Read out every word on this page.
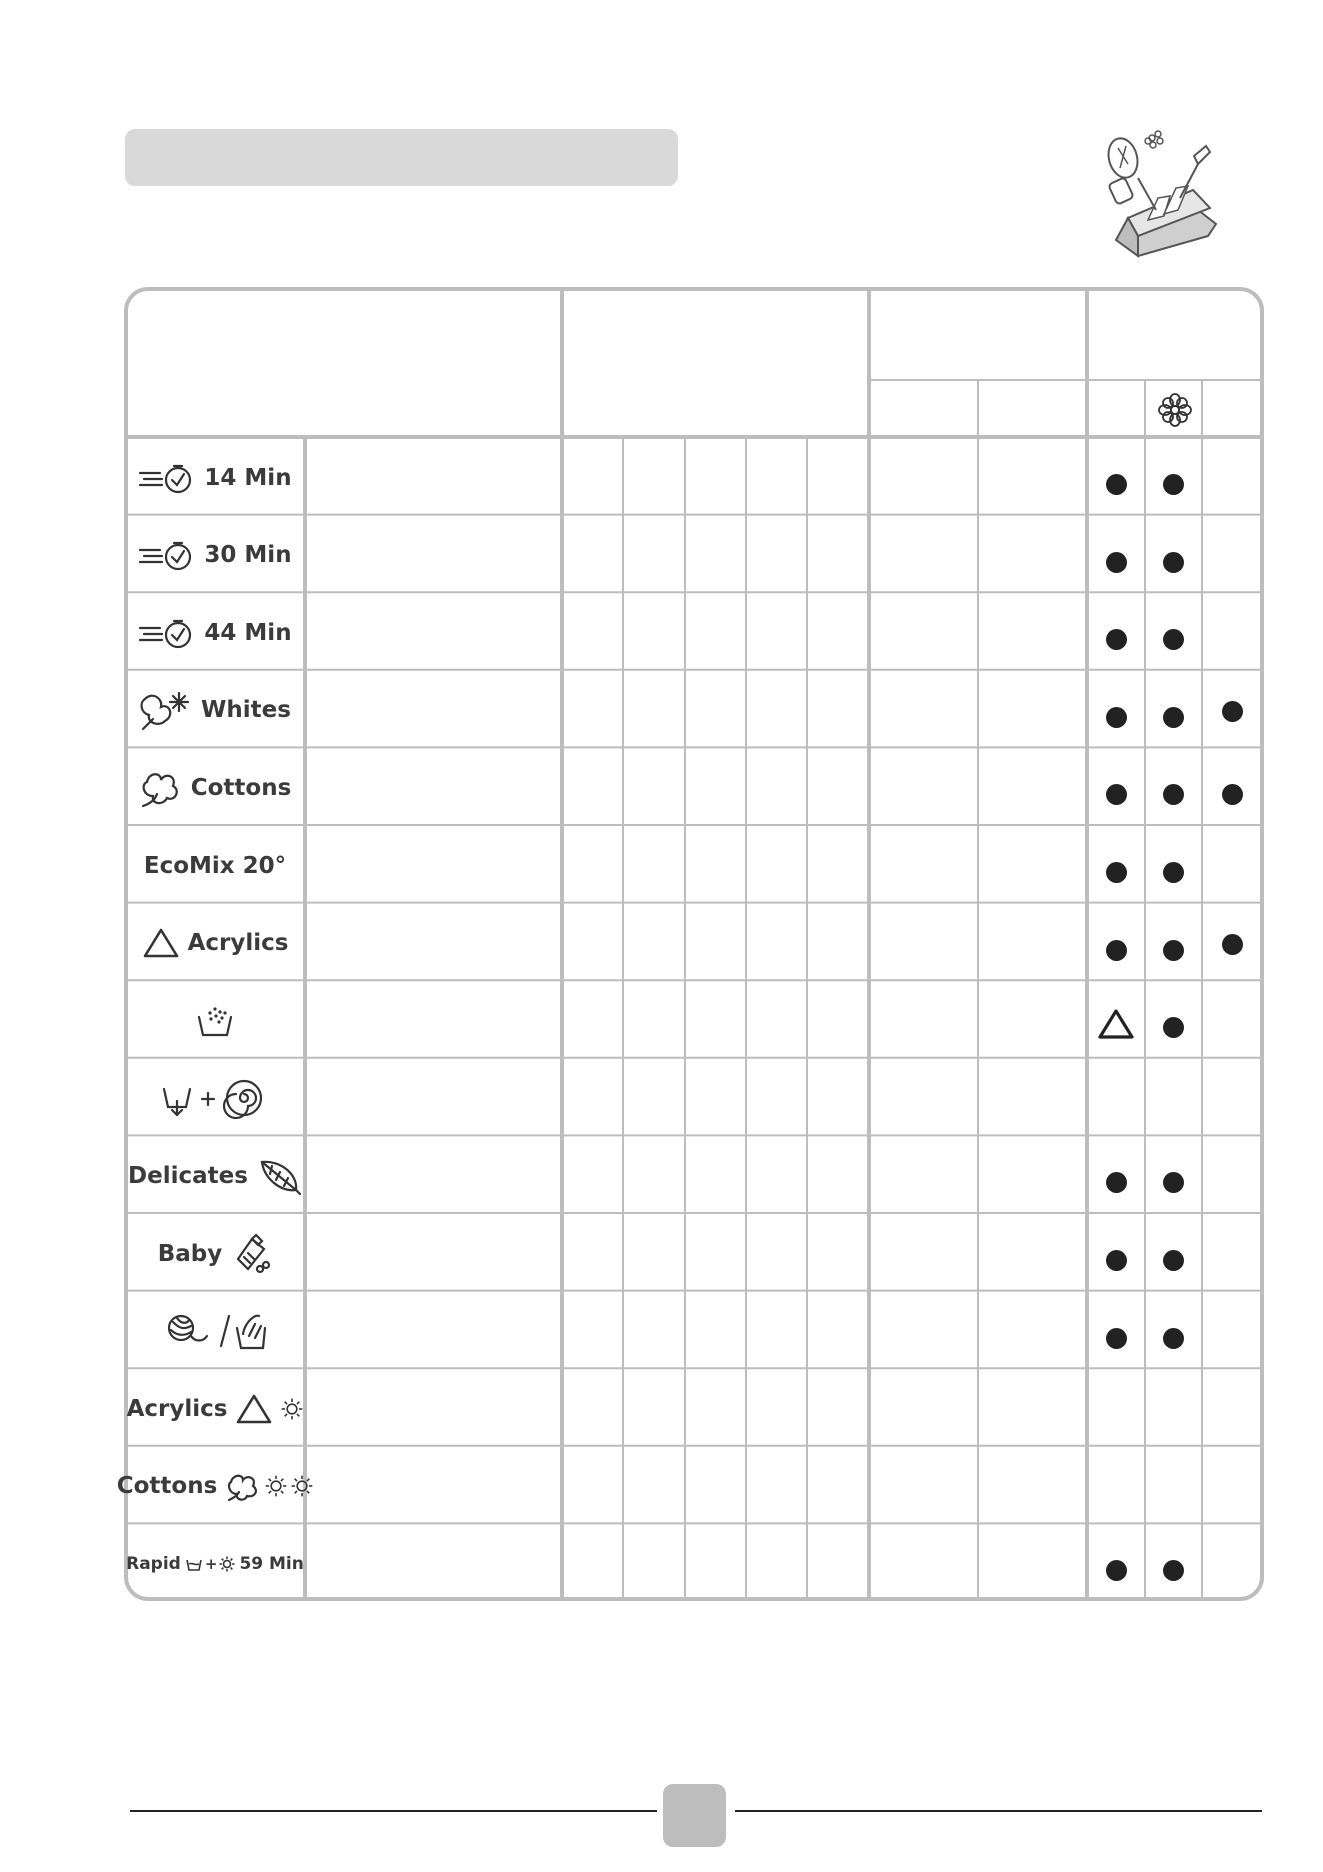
14 Min
30 Min
44 Min
Whites
Cottons
EcoMix 20°
Acrylics
Delicates
Baby
Acrylics
Cottons
Rapid + 59 Min
